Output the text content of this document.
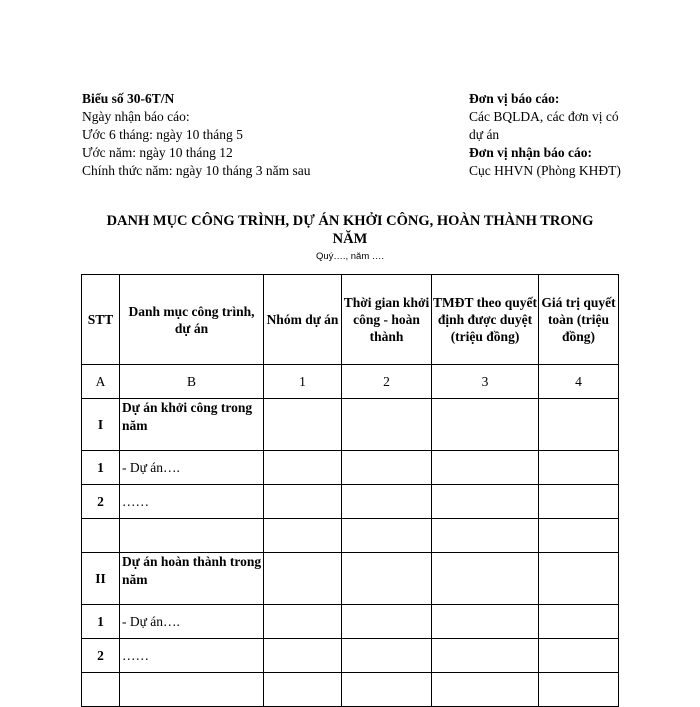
Biểu số 30-6T/N
Ngày nhận báo cáo:
Ước 6 tháng: ngày 10 tháng 5
Ước năm: ngày 10 tháng 12
Chính thức năm: ngày 10 tháng 3 năm sau
Đơn vị báo cáo:
Các BQLDA, các đơn vị có dự án
Đơn vị nhận báo cáo:
Cục HHVN (Phòng KHĐT)
DANH MỤC CÔNG TRÌNH, DỰ ÁN KHỞI CÔNG, HOÀN THÀNH TRONG NĂM
Quý…., năm ….
STT	Danh mục công trình, dự án	Nhóm dự án	Thời gian khởi công - hoàn thành	TMĐT theo quyết định được duyệt (triệu đồng)	Giá trị quyết toàn (triệu đồng)
A	B	1	2	3	4
I	Dự án khởi công trong năm				
1	- Dự án….				
2	……				

II	Dự án hoàn thành trong năm				
1	- Dự án….				
2	……				
